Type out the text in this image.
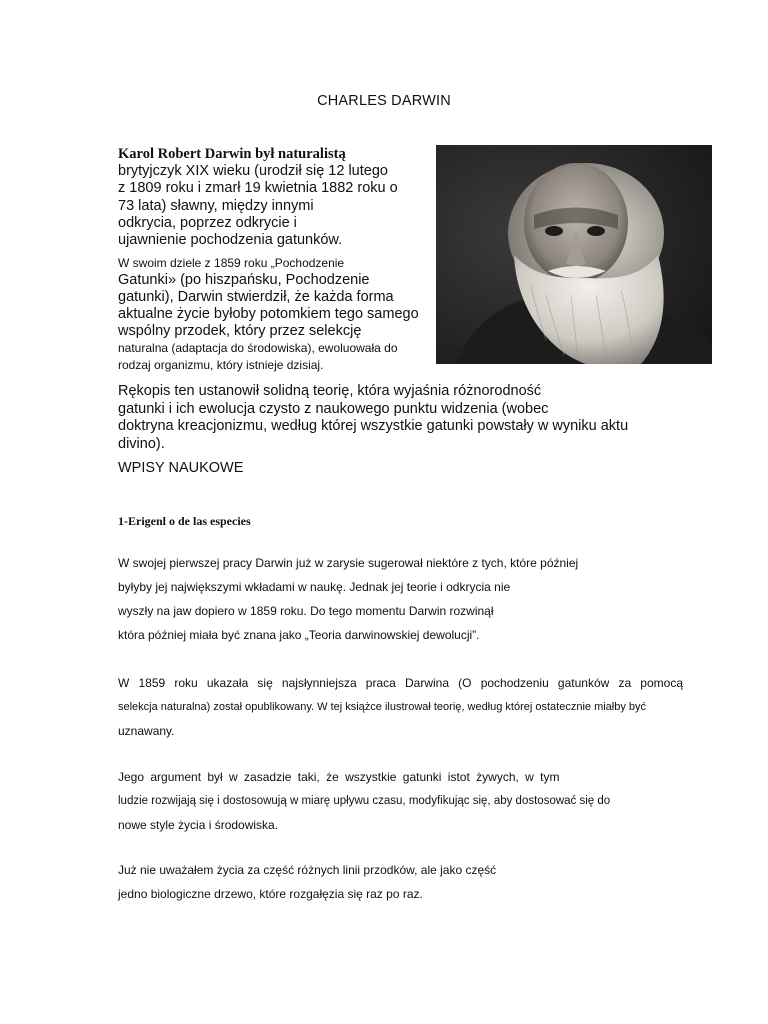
CHARLES DARWIN
Karol Robert Darwin był naturalistą
brytyjczyk XIX wieku (urodził się 12 lutego
z 1809 roku i zmarł 19 kwietnia 1882 roku o
73 lata) sławny, między innymi
odkrycia, poprzez odkrycie i
ujawnienie pochodzenia gatunków.
W swoim dziele z 1859 roku „Pochodzenie
Gatunki» (po hiszpańsku, Pochodzenie
gatunki), Darwin stwierdził, że każda forma
aktualne życie byłoby potomkiem tego samego
wspólny przodek, który przez selekcję
naturalna (adaptacja do środowiska), ewoluowała do
rodzaj organizmu, który istnieje dzisiaj.
Rękopis ten ustanowił solidną teorię, która wyjaśnia różnorodność
gatunki i ich ewolucja czysto z naukowego punktu widzenia (wobec
doktryna kreacjonizmu, według której wszystkie gatunki powstały w wyniku aktu
divino).
WPISY NAUKOWE
1-Erigenl o de las especies
W swojej pierwszej pracy Darwin już w zarysie sugerował niektóre z tych, które później
byłyby jej największymi wkładami w naukę. Jednak jej teorie i odkrycia nie
wyszły na jaw dopiero w 1859 roku. Do tego momentu Darwin rozwinął
która później miała być znana jako „Teoria darwinowskiej dewolucji”.
W 1859 roku ukazała się najsłynniejsza praca Darwina (O pochodzeniu gatunków za pomocą
selekcja naturalna) został opublikowany. W tej książce ilustrował teorię, według której ostatecznie miałby być
uznawany.
Jego argument był w zasadzie taki, że wszystkie gatunki istot żywych, w tym
ludzie rozwijają się i dostosowują w miarę upływu czasu, modyfikując się, aby dostosować się do
nowe style życia i środowiska.
Już nie uważałem życia za część różnych linii przodków, ale jako część
jedno biologiczne drzewo, które rozgałęzia się raz po raz.
